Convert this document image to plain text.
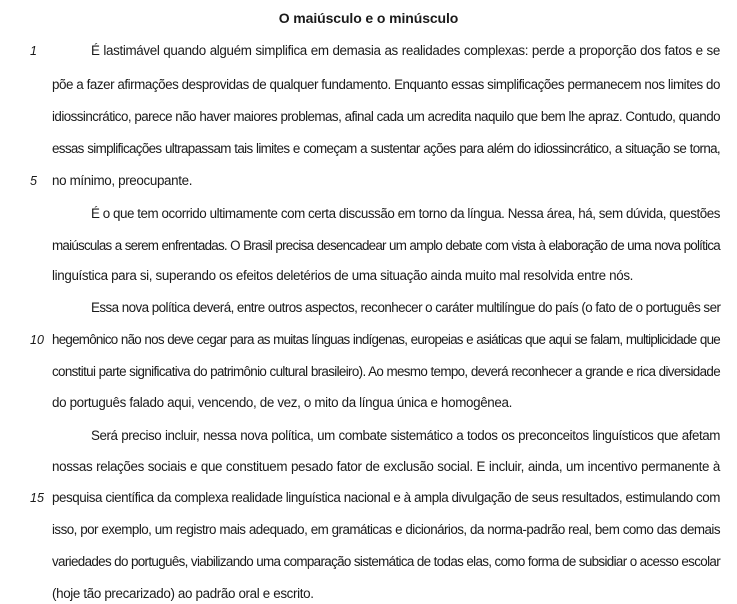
O maiúsculo e o minúsculo
1
5
10
15
É lastimável quando alguém simplifica em demasia as realidades complexas: perde a proporção dos fatos e se
põe a fazer afirmações desprovidas de qualquer fundamento. Enquanto essas simplificações permanecem nos limites do
idiossincrático, parece não haver maiores problemas, afinal cada um acredita naquilo que bem lhe apraz. Contudo, quando
essas simplificações ultrapassam tais limites e começam a sustentar ações para além do idiossincrático, a situação se torna,
no mínimo, preocupante.
É o que tem ocorrido ultimamente com certa discussão em torno da língua. Nessa área, há, sem dúvida, questões
maiúsculas a serem enfrentadas. O Brasil precisa desencadear um amplo debate com vista à elaboração de uma nova política
linguística para si, superando os efeitos deletérios de uma situação ainda muito mal resolvida entre nós.
Essa nova política deverá, entre outros aspectos, reconhecer o caráter multilíngue do país (o fato de o português ser
hegemônico não nos deve cegar para as muitas línguas indígenas, europeias e asiáticas que aqui se falam, multiplicidade que
constitui parte significativa do patrimônio cultural brasileiro). Ao mesmo tempo, deverá reconhecer a grande e rica diversidade
do português falado aqui, vencendo, de vez, o mito da língua única e homogênea.
Será preciso incluir, nessa nova política, um combate sistemático a todos os preconceitos linguísticos que afetam
nossas relações sociais e que constituem pesado fator de exclusão social. E incluir, ainda, um incentivo permanente à
pesquisa científica da complexa realidade linguística nacional e à ampla divulgação de seus resultados, estimulando com
isso, por exemplo, um registro mais adequado, em gramáticas e dicionários, da norma-padrão real, bem como das demais
variedades do português, viabilizando uma comparação sistemática de todas elas, como forma de subsidiar o acesso escolar
(hoje tão precarizado) ao padrão oral e escrito.
